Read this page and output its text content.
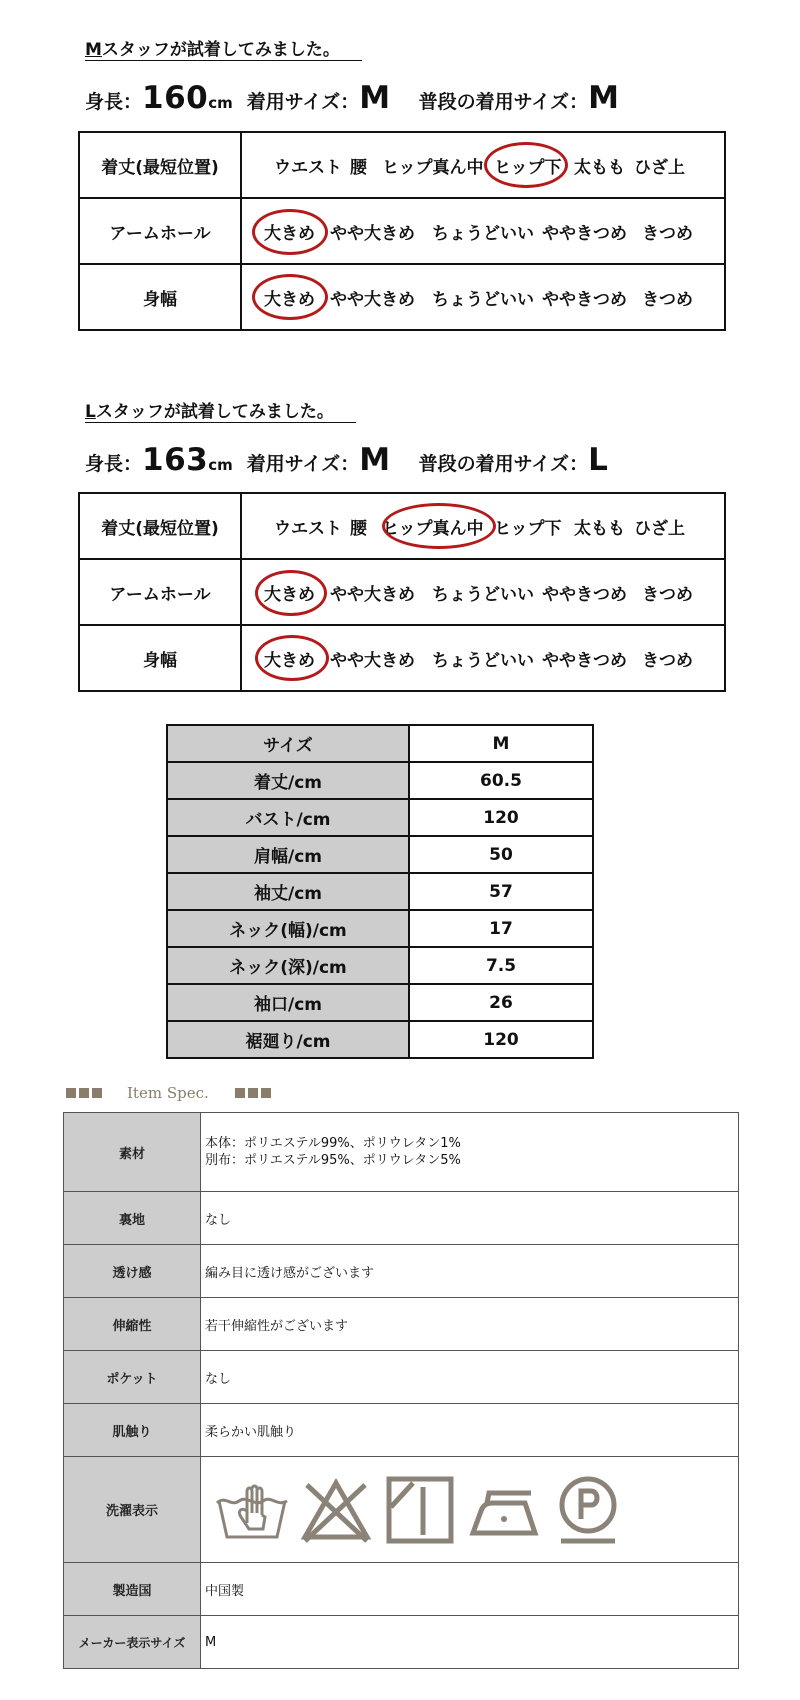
Mスタッフが試着してみました。
身長：160cm 着用サイズ：M 普段の着用サイズ：M
着丈(最短位置)	ウエスト 腰 ヒップ真ん中 ヒップ下 太もも ひざ上
アームホール	大きめ やや大きめ ちょうどいい ややきつめ きつめ
身幅	大きめ やや大きめ ちょうどいい ややきつめ きつめ
Lスタッフが試着してみました。
身長：163cm 着用サイズ：M 普段の着用サイズ：L
着丈(最短位置)	ウエスト 腰 ヒップ真ん中 ヒップ下 太もも ひざ上
アームホール	大きめ やや大きめ ちょうどいい ややきつめ きつめ
身幅	大きめ やや大きめ ちょうどいい ややきつめ きつめ
サイズ	M
着丈/cm	60.5
バスト/cm	120
肩幅/cm	50
袖丈/cm	57
ネック(幅)/cm	17
ネック(深)/cm	7.5
袖口/cm	26
裾廻り/cm	120
Item Spec.
素材
本体：ポリエステル99%、ポリウレタン1%
別布：ポリエステル95%、ポリウレタン5%
裏地	なし
透け感	編み目に透け感がございます
伸縮性	若干伸縮性がございます
ポケット	なし
肌触り	柔らかい肌触り
洗濯表示
製造国	中国製
メーカー表示サイズ	M
